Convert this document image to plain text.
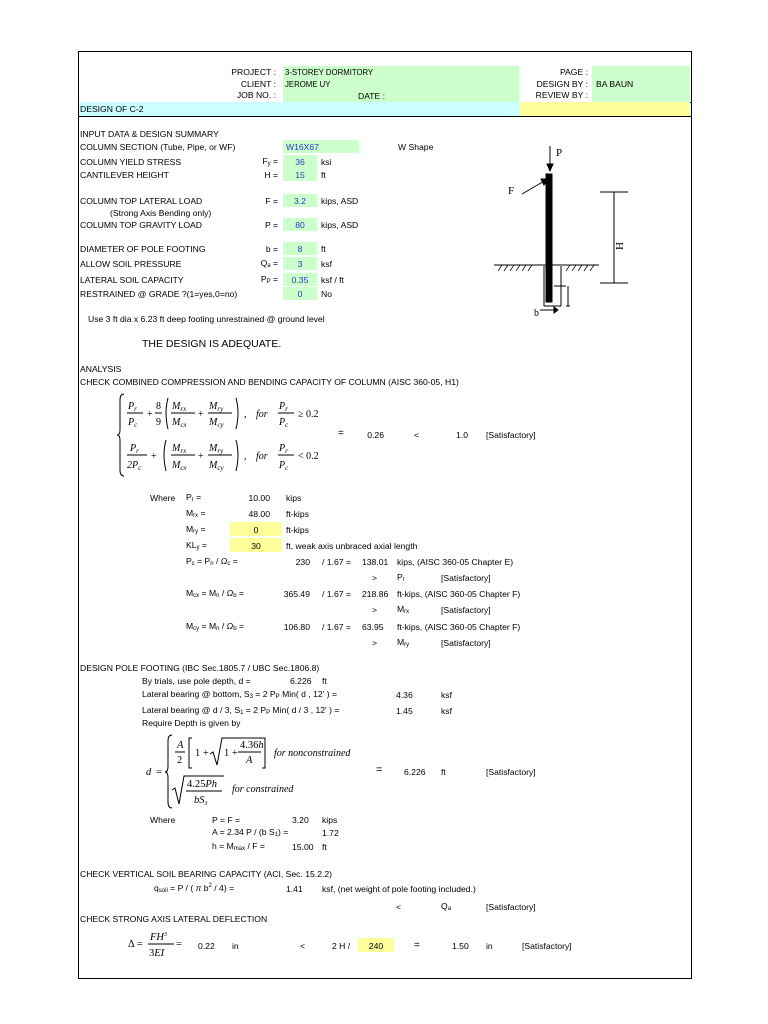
PROJECT : 3-STOREY DORMITORY
CLIENT : JEROME UY
JOB NO. :	DATE :
PAGE :
DESIGN BY : BA BAUN
REVIEW BY :
DESIGN OF C-2
INPUT DATA & DESIGN SUMMARY
COLUMN SECTION (Tube, Pipe, or WF)	W16X67	W Shape
COLUMN YIELD STRESS	$F_y$ =	36	ksi
CANTILEVER HEIGHT	H =	15	ft
COLUMN TOP LATERAL LOAD	F =	3.2	kips, ASD
(Strong Axis Bending only)
COLUMN TOP GRAVITY LOAD	P =	80	kips, ASD
DIAMETER OF POLE FOOTING	b =	8	ft
ALLOW SOIL PRESSURE	$Q_a$ =	3	ksf
LATERAL SOIL CAPACITY	$P_P$ =	0.35	ksf / ft
RESTRAINED @ GRADE ?(1=yes,0=no)	0	No
Use 3 ft dia x 6.23 ft deep footing unrestrained @ ground level
THE DESIGN IS ADEQUATE.
P
F
H
b
ANALYSIS
CHECK COMBINED COMPRESSION AND BENDING CAPACITY OF COLUMN (AISC 360-05, H1)
$P_r$
$P_c$
+
8
9
$M_{rx}$
$M_{cx}$
+
$M_{ry}$
$M_{cy}$
, for
$P_r$
$P_c$
≥ 0.2
$P_r$
$2P_c$
+
$M_{rx}$
$M_{cx}$
+
$M_{ry}$
$M_{cy}$
, for
$P_r$
$P_c$
< 0.2
=	0.26	<	1.0 [Satisfactory]
Where $P_r$ =	10.00 kips
$M_{rx}$ =	48.00 ft-kips
$M_{ry}$ =	0	ft-kips
$KL_y$ =	30	ft, weak axis unbraced axial length
$P_c = P_n / \Omega_c$ =	230 / 1.67 = 138.01 kips, (AISC 360-05 Chapter E)
> $P_r$	[Satisfactory]
$M_{cx} = M_n / \Omega_b$ =	365.49 / 1.67 = 218.86 ft-kips, (AISC 360-05 Chapter F)
> $M_{rx}$	[Satisfactory]
$M_{cy} = M_n / \Omega_b$ =	106.80 / 1.67 = 63.95 ft-kips, (AISC 360-05 Chapter F)
> $M_{ry}$	[Satisfactory]
DESIGN POLE FOOTING (IBC Sec.1805.7 / UBC Sec.1806.8)
By trials, use pole depth, d =	6.226 ft
Lateral bearing @ bottom, $S_3 = 2$ $P_P$ Min( d , 12' ) =	4.36	ksf
Lateral bearing @ d / 3, $S_1 = 2$ $P_P$ Min( d / 3 , 12' ) =	1.45	ksf
Require Depth is given by
d =
A
2
1 + 1 +
4.36h
A
4.25Ph
bS3
for nonconstrained
for constrained
=	6.226 ft	[Satisfactory]
Where	P = F =	3.20 kips
A = 2.34 P / (b $S_1$) =	1.72
$h = M_{max} / F$ =	15.00 ft
CHECK VERTICAL SOIL BEARING CAPACITY (ACI, Sec. 15.2.2)
$q_{soil} = P$ / ( π $b^2 / 4$) =	1.41 ksf, (net weight of pole footing included.)
<	$Q_a$	[Satisfactory]
CHECK STRONG AXIS LATERAL DEFLECTION
Δ =
$FH^3$
3EI
= 0.22 in	<	2 H /	240	=	1.50 in	[Satisfactory]
